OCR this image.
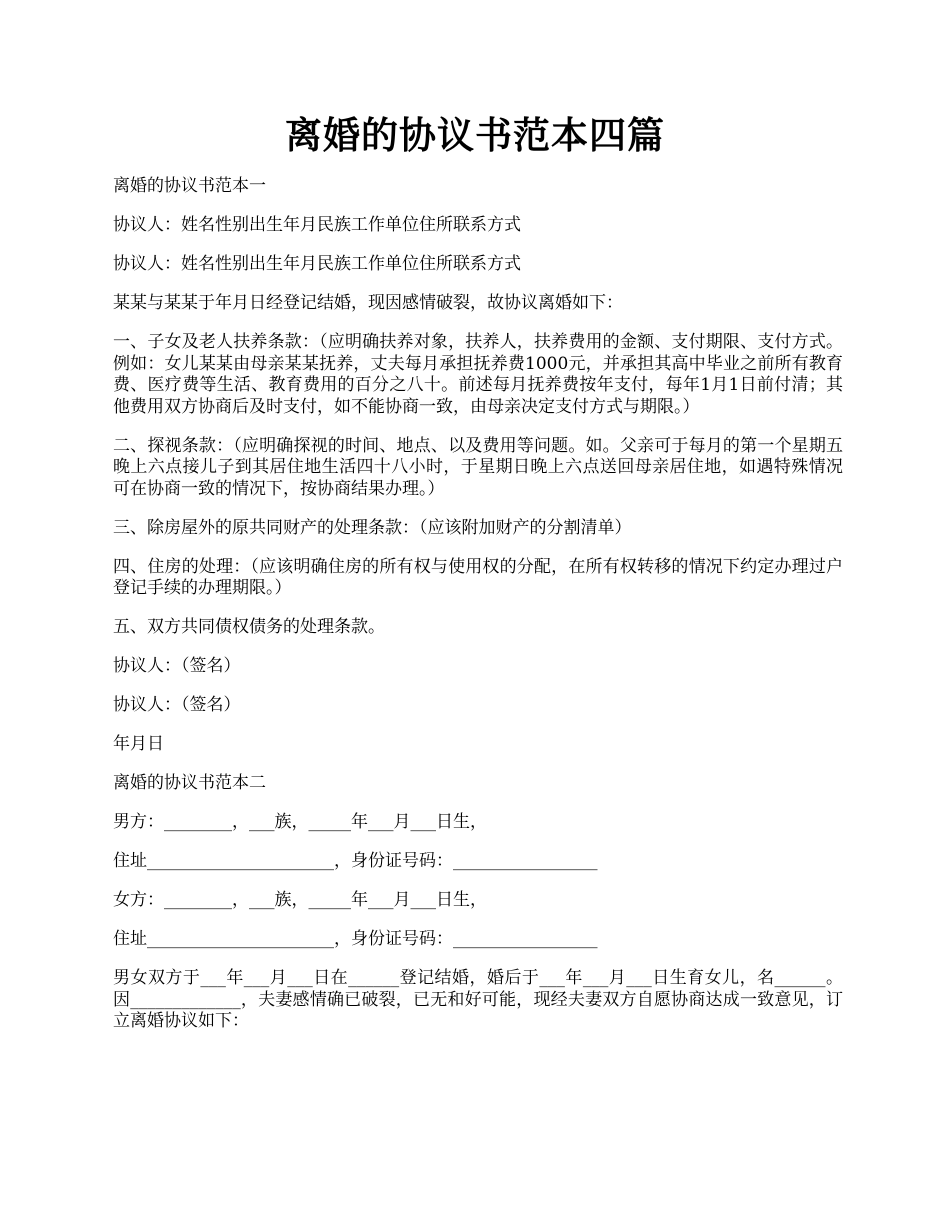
离婚的协议书范本四篇

离婚的协议书范本一

协议人：姓名性别出生年月民族工作单位住所联系方式

协议人：姓名性别出生年月民族工作单位住所联系方式

某某与某某于年月日经登记结婚，现因感情破裂，故协议离婚如下：

一、子女及老人扶养条款：（应明确扶养对象，扶养人，扶养费用的金额、支付期限、支付方式。例如：女儿某某由母亲某某抚养，丈夫每月承担抚养费1000元，并承担其高中毕业之前所有教育费、医疗费等生活、教育费用的百分之八十。前述每月抚养费按年支付，每年1月1日前付清；其他费用双方协商后及时支付，如不能协商一致，由母亲决定支付方式与期限。）

二、探视条款：（应明确探视的时间、地点、以及费用等问题。如。父亲可于每月的第一个星期五晚上六点接儿子到其居住地生活四十八小时，于星期日晚上六点送回母亲居住地，如遇特殊情况可在协商一致的情况下，按协商结果办理。）

三、除房屋外的原共同财产的处理条款：（应该附加财产的分割清单）

四、住房的处理：（应该明确住房的所有权与使用权的分配，在所有权转移的情况下约定办理过户登记手续的办理期限。）

五、双方共同债权债务的处理条款。

协议人：（签名）

协议人：（签名）

年月日

离婚的协议书范本二

男方：________，___族，_____年___月___日生，

住址______________________，身份证号码：_________________

女方：________，___族，_____年___月___日生，

住址______________________，身份证号码：_________________

男女双方于___年___月___日在______登记结婚，婚后于___年___月___日生育女儿，名______。因_____________，夫妻感情确已破裂，已无和好可能，现经夫妻双方自愿协商达成一致意见，订立离婚协议如下：
